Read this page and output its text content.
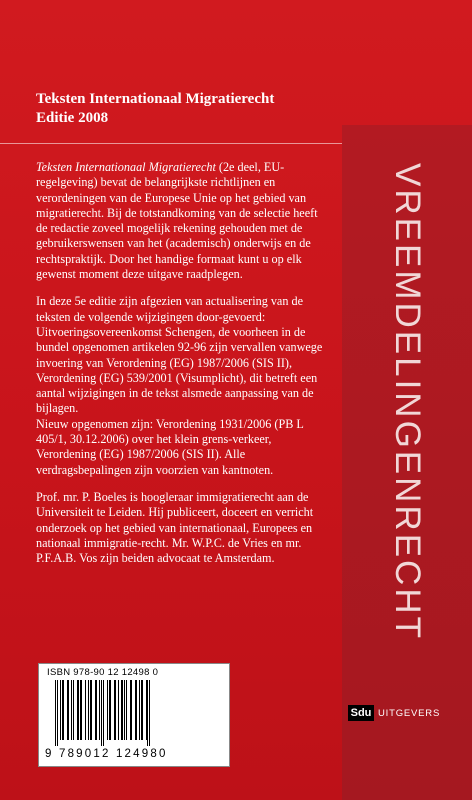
Teksten Internationaal Migratierecht
Editie 2008

Teksten Internationaal Migratierecht (2e deel, EU-regelgeving) bevat de belangrijkste richtlijnen en verordeningen van de Europese Unie op het gebied van migratierecht. Bij de totstandkoming van de selectie heeft de redactie zoveel mogelijk rekening gehouden met de gebruikerswensen van het (academisch) onderwijs en de rechtspraktijk. Door het handige formaat kunt u op elk gewenst moment deze uitgave raadplegen.

In deze 5e editie zijn afgezien van actualisering van de teksten de volgende wijzigingen door-gevoerd: Uitvoeringsovereenkomst Schengen, de voorheen in de bundel opgenomen artikelen 92-96 zijn vervallen vanwege invoering van Verordening (EG) 1987/2006 (SIS II), Verordening (EG) 539/2001 (Visumplicht), dit betreft een aantal wijzigingen in de tekst alsmede aanpassing van de bijlagen.

Nieuw opgenomen zijn: Verordening 1931/2006 (PB L 405/1, 30.12.2006) over het klein grens-verkeer, Verordening (EG) 1987/2006 (SIS II). Alle verdragsbepalingen zijn voorzien van kantnoten.

Prof. mr. P. Boeles is hoogleraar immigratierecht aan de Universiteit te Leiden. Hij publiceert, doceert en verricht onderzoek op het gebied van internationaal, Europees en nationaal immigratie-recht. Mr. W.P.C. de Vries en mr. P.F.A.B. Vos zijn beiden advocaat te Amsterdam.	VREEMDELINGENRECHT
ISBN 978-90 12 12498 0
9 789012 124980
Sdu UITGEVERS
